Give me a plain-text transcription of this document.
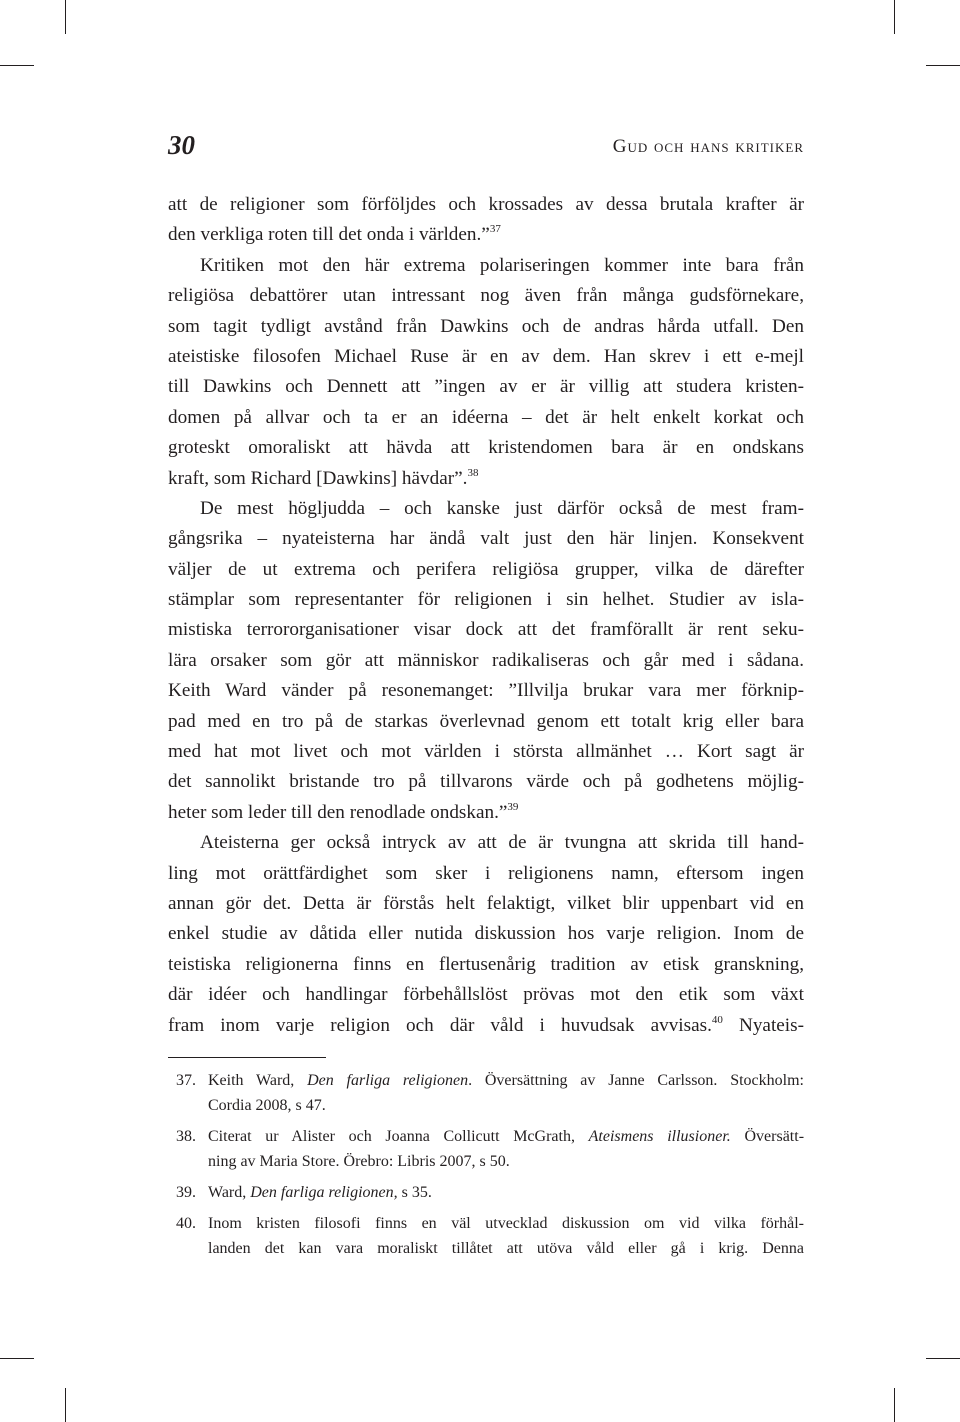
30	Gud och hans kritiker
att de religioner som förföljdes och krossades av dessa brutala krafter är
den verkliga roten till det onda i världen.”$^{37}$
Kritiken mot den här extrema polariseringen kommer inte bara från
religiösa debattörer utan intressant nog även från många gudsförnekare,
som tagit tydligt avstånd från Dawkins och de andras hårda utfall. Den
ateistiske filosofen Michael Ruse är en av dem. Han skrev i ett e-mejl
till Dawkins och Dennett att ”ingen av er är villig att studera kristen-
domen på allvar och ta er an idéerna – det är helt enkelt korkat och
groteskt omoraliskt att hävda att kristendomen bara är en ondskans
kraft, som Richard [Dawkins] hävdar”.$^{38}$
De mest högljudda – och kanske just därför också de mest fram-
gångsrika – nyateisterna har ändå valt just den här linjen. Konsekvent
väljer de ut extrema och perifera religiösa grupper, vilka de därefter
stämplar som representanter för religionen i sin helhet. Studier av isla-
mistiska terrororganisationer visar dock att det framförallt är rent seku-
lära orsaker som gör att människor radikaliseras och går med i sådana.
Keith Ward vänder på resonemanget: ”Illvilja brukar vara mer förknip-
pad med en tro på de starkas överlevnad genom ett totalt krig eller bara
med hat mot livet och mot världen i största allmänhet … Kort sagt är
det sannolikt bristande tro på tillvarons värde och på godhetens möjlig-
heter som leder till den renodlade ondskan.”$^{39}$
Ateisterna ger också intryck av att de är tvungna att skrida till hand-
ling mot orättfärdighet som sker i religionens namn, eftersom ingen
annan gör det. Detta är förstås helt felaktigt, vilket blir uppenbart vid en
enkel studie av dåtida eller nutida diskussion hos varje religion. Inom de
teistiska religionerna finns en flertusenårig tradition av etisk granskning,
där idéer och handlingar förbehållslöst prövas mot den etik som växt
fram inom varje religion och där våld i huvudsak avvisas.$^{40}$ Nyateis-
37. Keith Ward, Den farliga religionen. Översättning av Janne Carlsson. Stockholm:
Cordia 2008, s 47.
38. Citerat ur Alister och Joanna Collicutt McGrath, Ateismens illusioner. Översätt-
ning av Maria Store. Örebro: Libris 2007, s 50.
39. Ward, Den farliga religionen, s 35.
40. Inom kristen filosofi finns en väl utvecklad diskussion om vid vilka förhål-
landen det kan vara moraliskt tillåtet att utöva våld eller gå i krig. Denna
